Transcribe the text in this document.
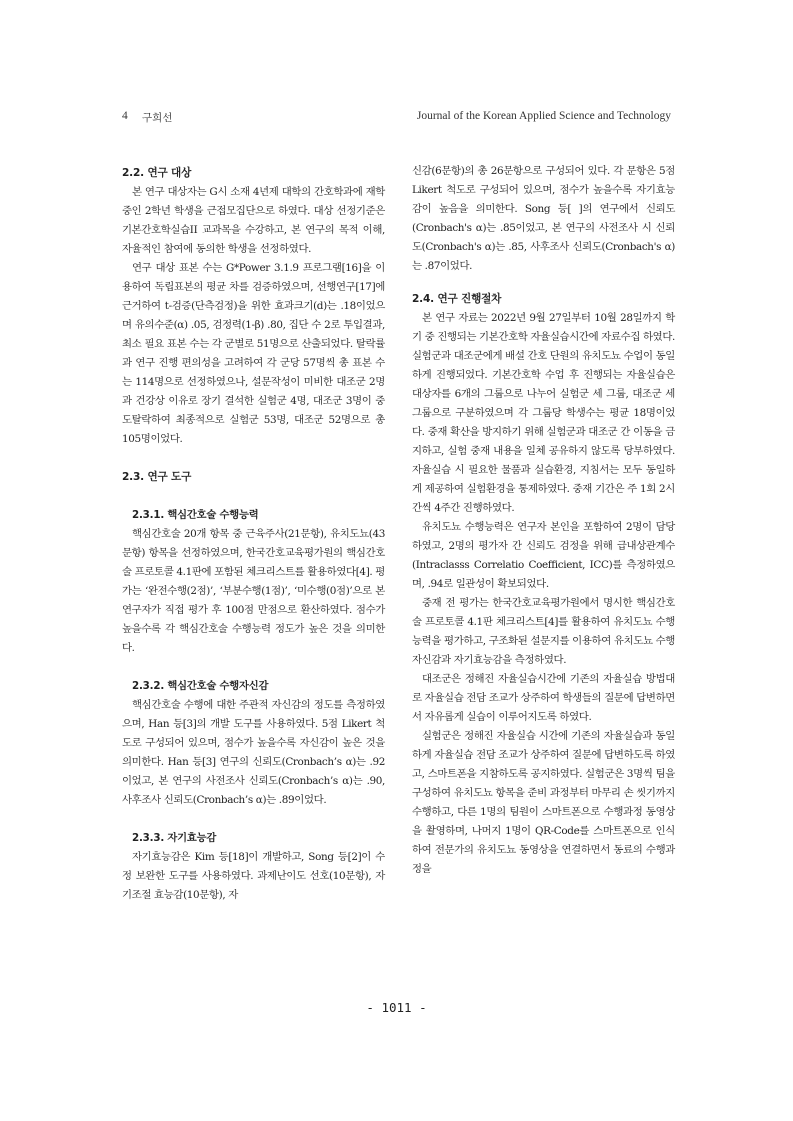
4 구희선	Journal of the Korean Applied Science and Technology
2.2. 연구 대상

본 연구 대상자는 G시 소재 4년제 대학의 간호학과에 재학 중인 2학년 학생을 근접모집단으로 하였다. 대상 선정기준은 기본간호학실습II 교과목을 수강하고, 본 연구의 목적 이해, 자율적인 참여에 동의한 학생을 선정하였다.

연구 대상 표본 수는 G*Power 3.1.9 프로그램[16]을 이용하여 독립표본의 평균 차를 검증하였으며, 선행연구[17]에 근거하여 t-검증(단측검정)을 위한 효과크기(d)는 .18이었으며 유의수준(α) .05, 검정력(1-β) .80, 집단 수 2로 투입결과, 최소 필요 표본 수는 각 군별로 51명으로 산출되었다. 탈락률과 연구 진행 편의성을 고려하여 각 군당 57명씩 총 표본 수는 114명으로 선정하였으나, 설문작성이 미비한 대조군 2명과 건강상 이유로 장기 결석한 실험군 4명, 대조군 3명이 중도탈락하여 최종적으로 실험군 53명, 대조군 52명으로 총 105명이었다.

2.3. 연구 도구
2.3.1. 핵심간호술 수행능력

핵심간호술 20개 항목 중 근육주사(21문항), 유치도뇨(43문항) 항목을 선정하였으며, 한국간호교육평가원의 핵심간호술 프로토콜 4.1판에 포함된 체크리스트를 활용하였다[4]. 평가는 ‘완전수행(2점)’, ‘부분수행(1점)’, ‘미수행(0점)’으로 본 연구자가 직접 평가 후 100점 만점으로 환산하였다. 점수가 높을수록 각 핵심간호술 수행능력 정도가 높은 것을 의미한다.

2.3.2. 핵심간호술 수행자신감

핵심간호술 수행에 대한 주관적 자신감의 정도를 측정하였으며, Han 등[3]의 개발 도구를 사용하였다. 5점 Likert 척도로 구성되어 있으며, 점수가 높을수록 자신감이 높은 것을 의미한다. Han 등[3] 연구의 신뢰도(Cronbach’s α)는 .92이었고, 본 연구의 사전조사 신뢰도(Cronbach’s α)는 .90, 사후조사 신뢰도(Cronbach’s α)는 .89이었다.

2.3.3. 자기효능감

자기효능감은 Kim 등[18]이 개발하고, Song 등[2]이 수정 보완한 도구를 사용하였다. 과제난이도 선호(10문항), 자기조절 효능감(10문항), 자

신감(6문항)의 총 26문항으로 구성되어 있다. 각 문항은 5점 Likert 척도로 구성되어 있으며, 점수가 높을수록 자기효능감이 높음을 의미한다. Song 등[ ]의 연구에서 신뢰도(Cronbach's α)는 .85이었고, 본 연구의 사전조사 시 신뢰도(Cronbach's α)는 .85, 사후조사 신뢰도(Cronbach's α)는 .87이었다.

2.4. 연구 진행절차

본 연구 자료는 2022년 9월 27일부터 10월 28일까지 학기 중 진행되는 기본간호학 자율실습시간에 자료수집 하였다. 실험군과 대조군에게 배설 간호 단원의 유치도뇨 수업이 동일하게 진행되었다. 기본간호학 수업 후 진행되는 자율실습은 대상자를 6개의 그룹으로 나누어 실험군 세 그룹, 대조군 세 그룹으로 구분하였으며 각 그룹당 학생수는 평균 18명이었다. 중재 확산을 방지하기 위해 실험군과 대조군 간 이동을 금지하고, 실험 중재 내용을 일체 공유하지 않도록 당부하였다. 자율실습 시 필요한 물품과 실습환경, 지침서는 모두 동일하게 제공하여 실험환경을 통제하였다. 중재 기간은 주 1회 2시간씩 4주간 진행하였다.

유치도뇨 수행능력은 연구자 본인을 포함하여 2명이 담당하였고, 2명의 평가자 간 신뢰도 검정을 위해 급내상관계수(Intraclasss Correlatio Coefficient, ICC)를 측정하였으며, .94로 일관성이 확보되었다.

중재 전 평가는 한국간호교육평가원에서 명시한 핵심간호술 프로토콜 4.1판 체크리스트[4]를 활용하여 유치도뇨 수행능력을 평가하고, 구조화된 설문지를 이용하여 유치도뇨 수행 자신감과 자기효능감을 측정하였다.

대조군은 정해진 자율실습시간에 기존의 자율실습 방법대로 자율실습 전담 조교가 상주하여 학생들의 질문에 답변하면서 자유롭게 실습이 이루어지도록 하였다.

실험군은 정해진 자율실습 시간에 기존의 자율실습과 동일하게 자율실습 전담 조교가 상주하여 질문에 답변하도록 하였고, 스마트폰을 지참하도록 공지하였다. 실험군은 3명씩 팀을 구성하여 유치도뇨 항목을 준비 과정부터 마무리 손 씻기까지 수행하고, 다른 1명의 팀원이 스마트폰으로 수행과정 동영상을 촬영하며, 나머지 1명이 QR-Code를 스마트폰으로 인식하여 전문가의 유치도뇨 동영상을 연결하면서 동료의 수행과정을

- 1011 -
